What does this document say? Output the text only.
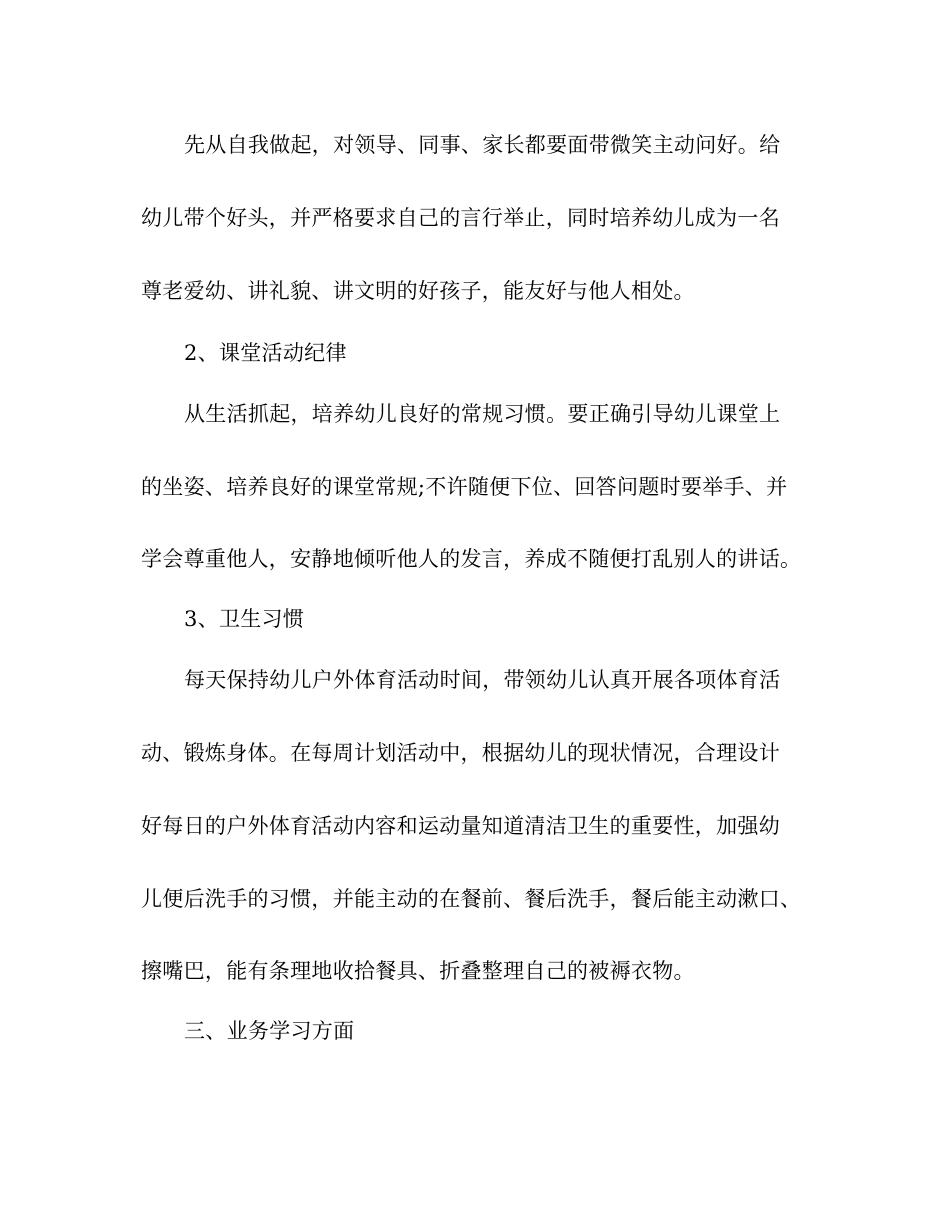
先从自我做起，对领导、同事、家长都要面带微笑主动问好。给
幼儿带个好头，并严格要求自己的言行举止，同时培养幼儿成为一名
尊老爱幼、讲礼貌、讲文明的好孩子，能友好与他人相处。
2、课堂活动纪律
从生活抓起，培养幼儿良好的常规习惯。要正确引导幼儿课堂上
的坐姿、培养良好的课堂常规;不许随便下位、回答问题时要举手、并
学会尊重他人，安静地倾听他人的发言，养成不随便打乱别人的讲话。
3、卫生习惯
每天保持幼儿户外体育活动时间，带领幼儿认真开展各项体育活
动、锻炼身体。在每周计划活动中，根据幼儿的现状情况，合理设计
好每日的户外体育活动内容和运动量知道清洁卫生的重要性，加强幼
儿便后洗手的习惯，并能主动的在餐前、餐后洗手，餐后能主动漱口、
擦嘴巴，能有条理地收拾餐具、折叠整理自己的被褥衣物。
三、业务学习方面
